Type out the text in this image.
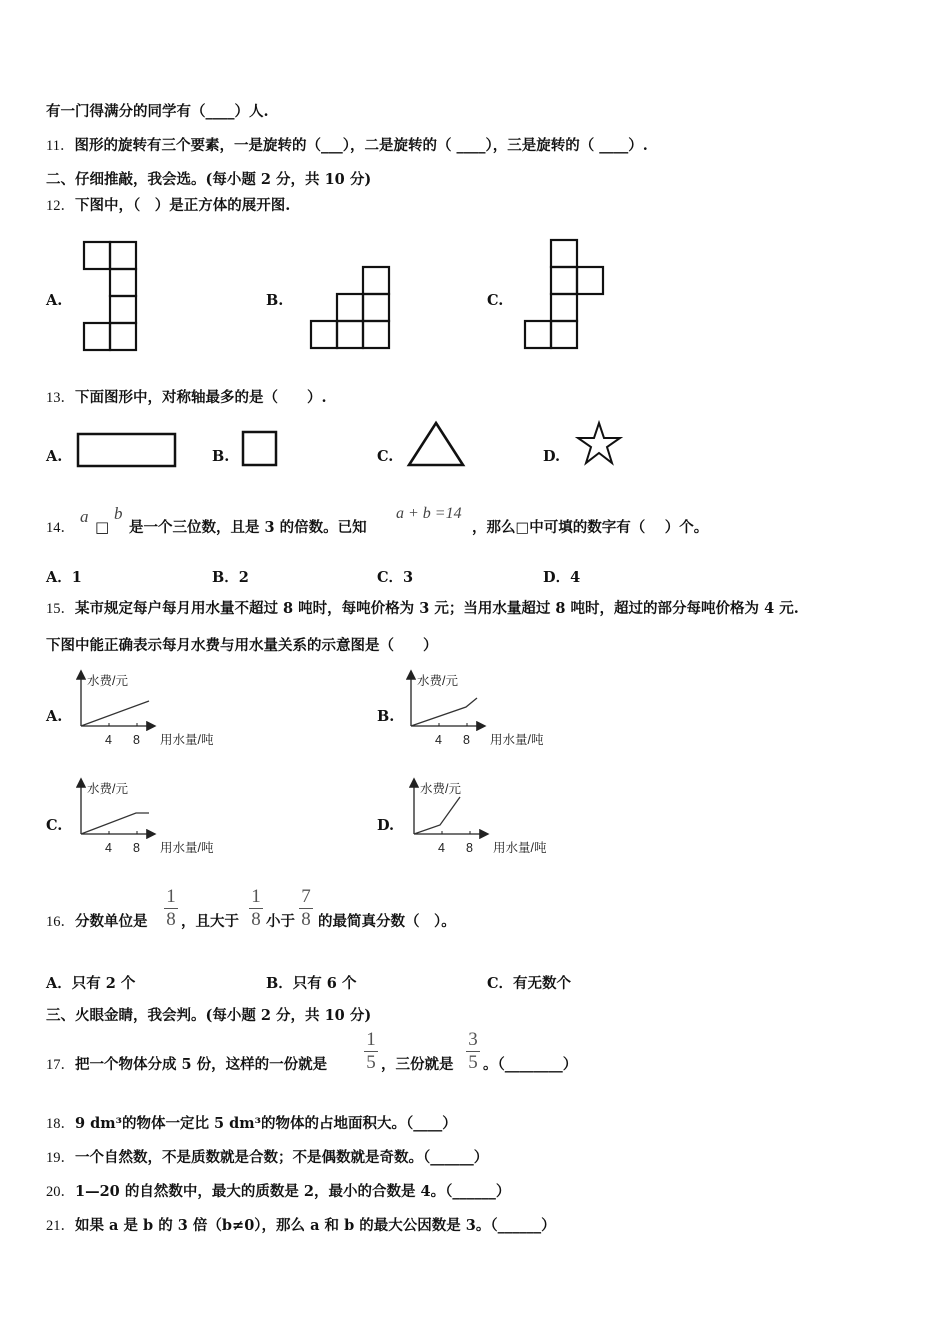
有一门得满分的同学有（____）人.
11．图形的旋转有三个要素，一是旋转的（___），二是旋转的（ ____），三是旋转的（ ____）.
二、仔细推敲，我会选。(每小题 2 分，共 10 分)
12．下图中，（　）是正方体的展开图.
A.	B.	C.
13．下面图形中，对称轴最多的是（　　）.
A.	B.	C.	D.
14．
a
□
b
是一个三位数，且是 3 的倍数。已知
a + b =14
，那么□中可填的数字有（　 ）个。
A．1	B．2	C．3	D．4
15．某市规定每户每月用水量不超过 8 吨时，每吨价格为 3 元；当用水量超过 8 吨时，超过的部分每吨价格为 4 元.
下图中能正确表示每月水费与用水量关系的示意图是（　　）
A.	B.
C.	D.
水费/元
4 8 用水量/吨
水费/元
4 8 用水量/吨
水费/元
4 8 用水量/吨
水费/元
4 8 用水量/吨
16．分数单位是
1
8 ，且大于
1
8 小于
7
8 的最简真分数（　）。
A．只有 2 个	B．只有 6 个	C．有无数个
三、火眼金睛，我会判。(每小题 2 分，共 10 分)
17．把一个物体分成 5 份，这样的一份就是
1
5 ，三份就是
3
5 。（________）
18．9 dm³的物体一定比 5 dm³的物体的占地面积大。（____）
19．一个自然数，不是质数就是合数；不是偶数就是奇数。（______）
20．1—20 的自然数中，最大的质数是 2，最小的合数是 4。（______）
21．如果 a 是 b 的 3 倍（b≠0），那么 a 和 b 的最大公因数是 3。（______）
